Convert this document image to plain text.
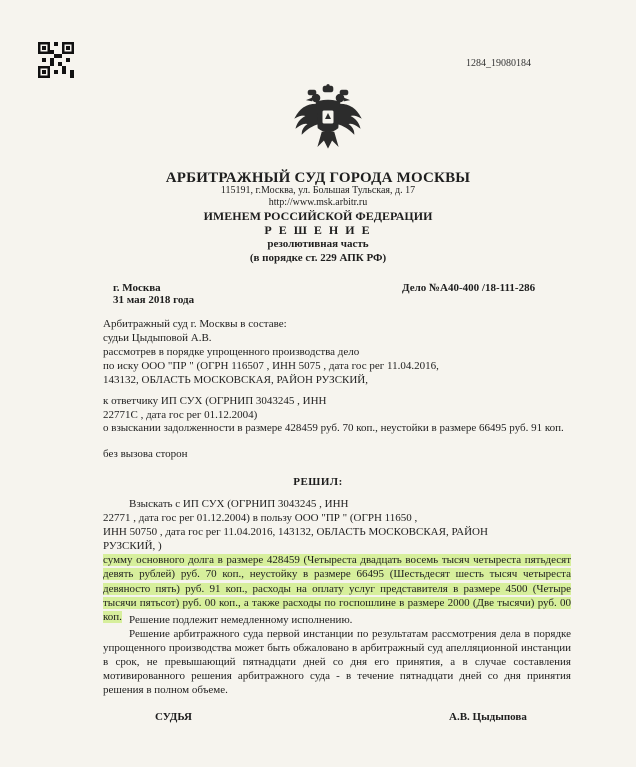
1284_19080184
АРБИТРАЖНЫЙ СУД ГОРОДА МОСКВЫ
115191, г.Москва, ул. Большая Тульская, д. 17
http://www.msk.arbitr.ru
ИМЕНЕМ РОССИЙСКОЙ ФЕДЕРАЦИИ
Р Е Ш Е Н И Е
резолютивная часть
(в порядке ст. 229 АПК РФ)
г. Москва
31 мая 2018 года
Дело №А40-400 /18-111-286

Арбитражный суд г. Москвы в составе:

судьи Цыдыповой А.В.

рассмотрев в порядке упрощенного производства дело

по иску ООО "ПР " (ОГРН 116507 , ИНН 5075 , дата гос рег 11.04.2016,

143132, ОБЛАСТЬ МОСКОВСКАЯ, РАЙОН РУЗСКИЙ,

к ответчику ИП СУХ (ОГРНИП 3043245 , ИНН

22771С , дата гос рег 01.12.2004)

о взыскании задолженности в размере 428459 руб. 70 коп., неустойки в размере 66495 руб. 91 коп.

без вызова сторон

РЕШИЛ:

Взыскать с ИП СУХ (ОГРНИП 3043245 , ИНН

22771 , дата гос рег 01.12.2004) в пользу ООО "ПР " (ОГРН 11650 ,

ИНН 50750 , дата гос рег 11.04.2016, 143132, ОБЛАСТЬ МОСКОВСКАЯ, РАЙОН

РУЗСКИЙ, )

сумму основного долга в размере 428459 (Четыреста двадцать восемь тысяч четыреста пятьдесят девять рублей) руб. 70 коп., неустойку в размере 66495 (Шестьдесят шесть тысяч четыреста девяносто пять) руб. 91 коп., расходы на оплату услуг представителя в размере 4500 (Четыре тысячи пятьсот) руб. 00 коп., а также расходы по госпошлине в размере 2000 (Две тысячи) руб. 00 коп. Решение подлежит немедленному исполнению.

Решение арбитражного суда первой инстанции по результатам рассмотрения дела в порядке упрощенного производства может быть обжаловано в арбитражный суд апелляционной инстанции в срок, не превышающий пятнадцати дней со дня его принятия, а в случае составления мотивированного решения арбитражного суда - в течение пятнадцати дней со дня принятия решения в полном объеме.

СУДЬЯ	А.В. Цыдыпова
